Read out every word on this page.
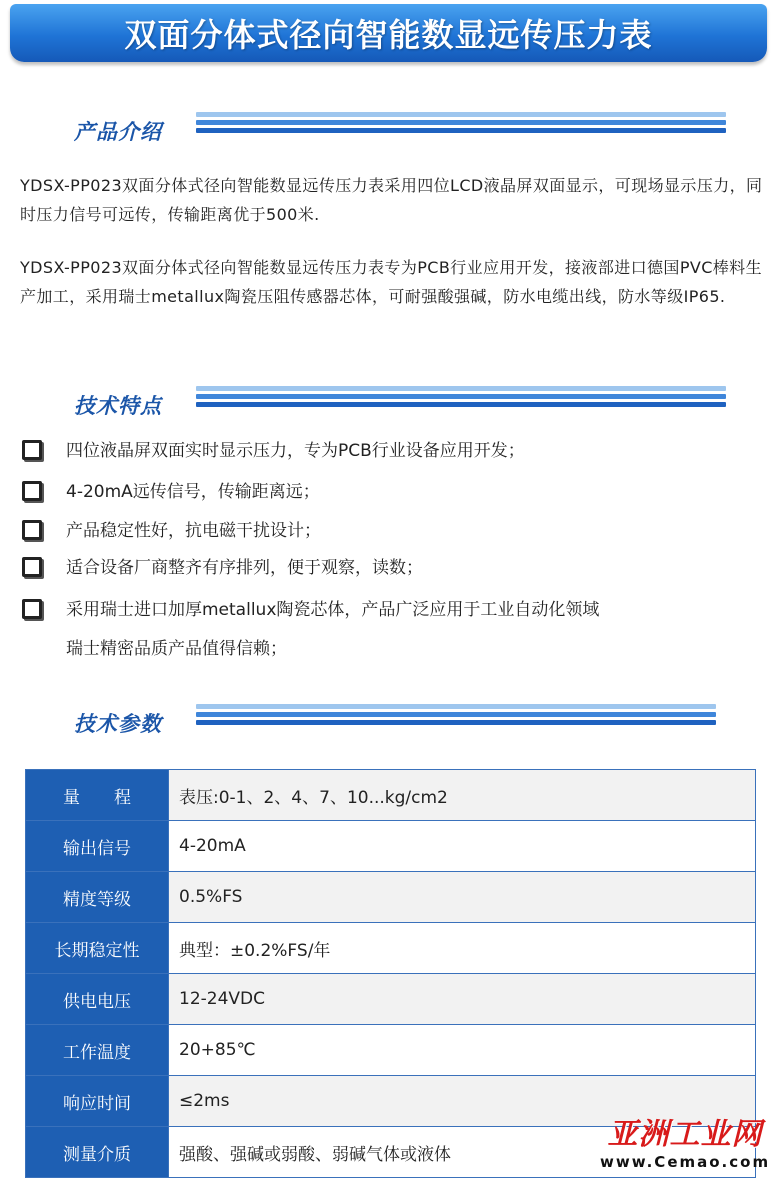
双面分体式径向智能数显远传压力表
产品介绍

YDSX-PP023双面分体式径向智能数显远传压力表采用四位LCD液晶屏双面显示，可现场显示压力，同时压力信号可远传，传输距离优于500米.

YDSX-PP023双面分体式径向智能数显远传压力表专为PCB行业应用开发，接液部进口德国PVC棒料生产加工，采用瑞士metallux陶瓷压阻传感器芯体，可耐强酸强碱，防水电缆出线，防水等级IP65.

技术特点
四位液晶屏双面实时显示压力，专为PCB行业设备应用开发；
4-20mA远传信号，传输距离远；
产品稳定性好，抗电磁干扰设计；
适合设备厂商整齐有序排列，便于观察，读数；
采用瑞士进口加厚metallux陶瓷芯体，产品广泛应用于工业自动化领域
瑞士精密品质产品值得信赖；
技术参数
量　　程	表压:0-1、2、4、7、10...kg/cm2
输出信号	4-20mA
精度等级	0.5%FS
长期稳定性	典型：±0.2%FS/年
供电电压	12-24VDC
工作温度	20+85℃
响应时间	≤2ms
测量介质	强酸、强碱或弱酸、弱碱气体或液体
亚洲工业网
www.Cemao.com
